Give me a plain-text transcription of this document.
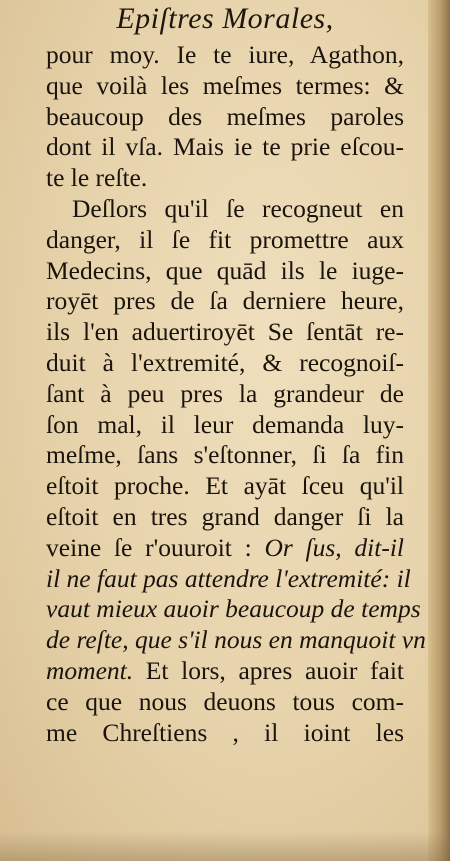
Epiſtres Morales,
pour moy. Ie te iure, Agathon,
que voilà les meſmes termes: &
beaucoup des meſmes paroles
dont il vſa. Mais ie te prie eſcou-
te le reſte.
Deſlors qu'il ſe recogneut en
danger, il ſe fit promettre aux
Medecins, que quād ils le iuge-
royēt pres de ſa derniere heure,
ils l'en aduertiroyēt Se ſentāt re-
duit à l'extremité, & recognoiſ-
ſant à peu pres la grandeur de
ſon mal, il leur demanda luy-
meſme, ſans s'eſtonner, ſi ſa fin
eſtoit proche. Et ayāt ſceu qu'il
eſtoit en tres grand danger ſi la
veine ſe r'ouuroit : Or ſus, dit-il
il ne faut pas attendre l'extremité: il
vaut mieux auoir beaucoup de temps
de reſte, que s'il nous en manquoit vn
moment. Et lors, apres auoir fait
ce que nous deuons tous com-
me Chreſtiens , il ioint les
